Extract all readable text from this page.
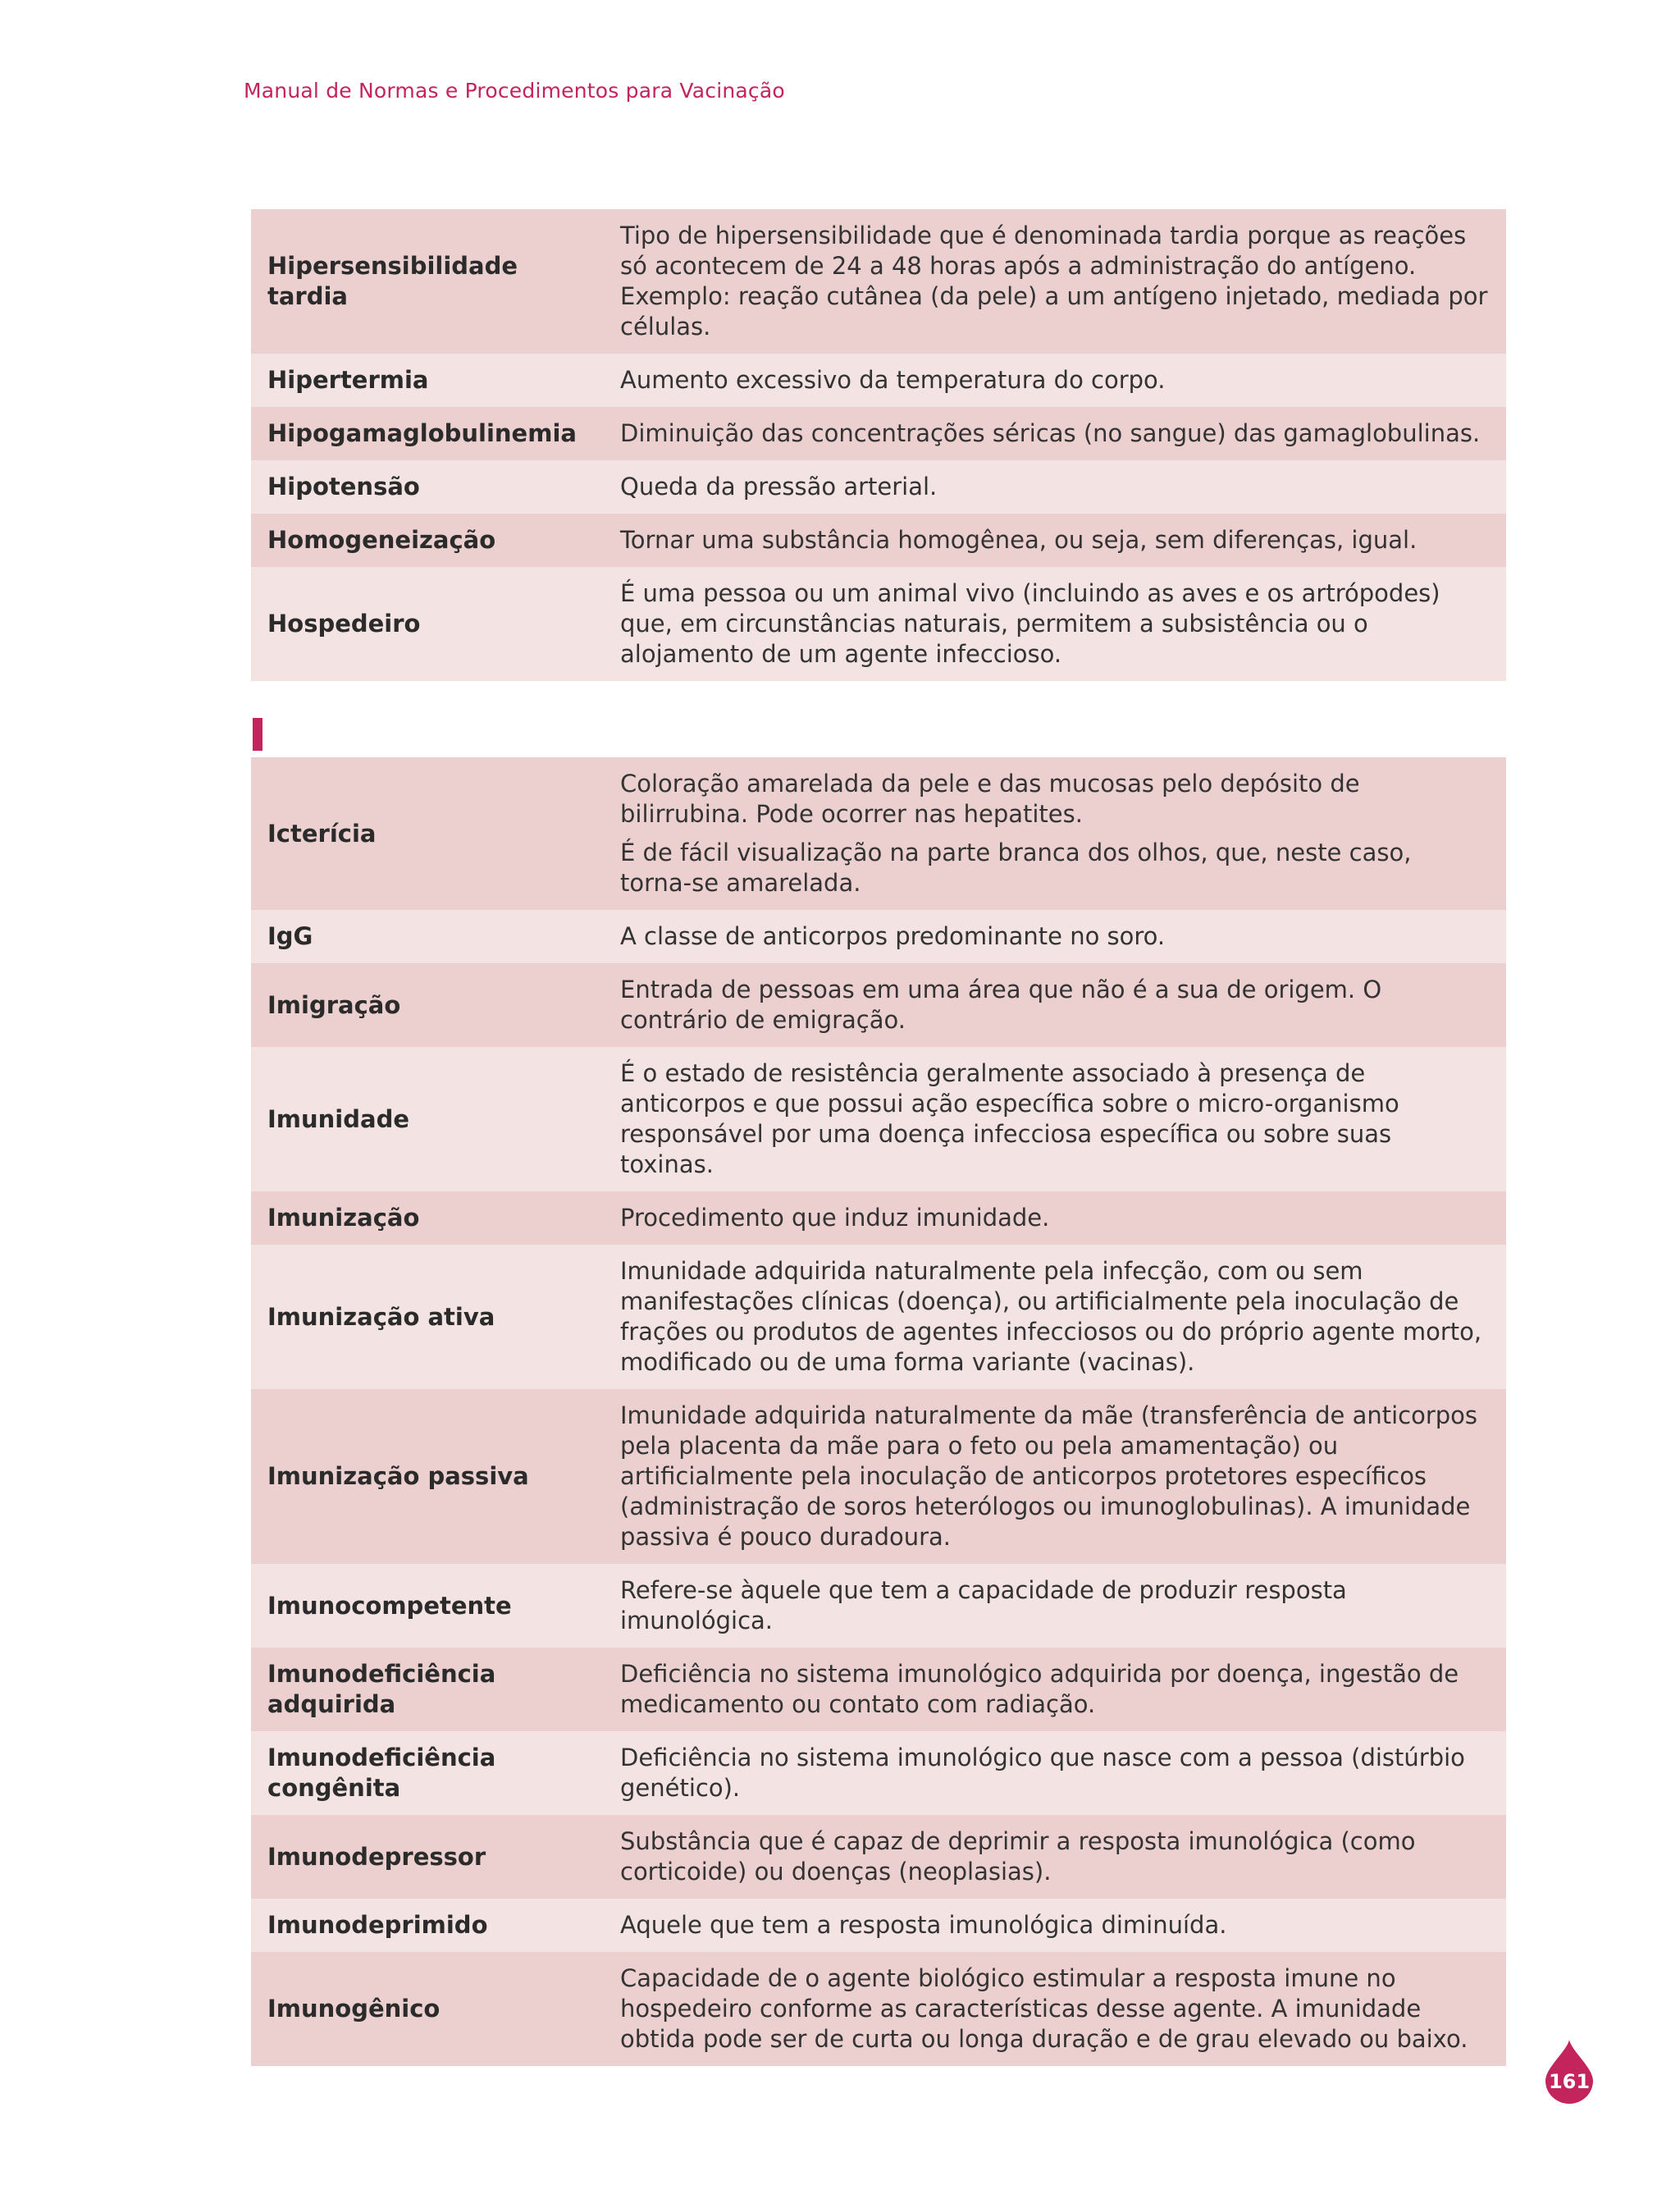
Manual de Normas e Procedimentos para Vacinação
Hipersensibilidade tardia	Tipo de hipersensibilidade que é denominada tardia porque as reações só acontecem de 24 a 48 horas após a administração do antígeno. Exemplo: reação cutânea (da pele) a um antígeno injetado, mediada por células.

Hipertermia	Aumento excessivo da temperatura do corpo.

Hipogamaglobulinemia	Diminuição das concentrações séricas (no sangue) das gamaglobulinas.

Hipotensão	Queda da pressão arterial.

Homogeneização	Tornar uma substância homogênea, ou seja, sem diferenças, igual.

Hospedeiro	É uma pessoa ou um animal vivo (incluindo as aves e os artrópodes) que, em circunstâncias naturais, permitem a subsistência ou o alojamento de um agente infeccioso.

Icterícia	Coloração amarelada da pele e das mucosas pelo depósito de bilirrubina. Pode ocorrer nas hepatites.

É de fácil visualização na parte branca dos olhos, que, neste caso, torna-se amarelada.

IgG	A classe de anticorpos predominante no soro.

Imigração	Entrada de pessoas em uma área que não é a sua de origem. O contrário de emigração.

Imunidade	É o estado de resistência geralmente associado à presença de anticorpos e que possui ação específica sobre o micro-organismo responsável por uma doença infecciosa específica ou sobre suas toxinas.

Imunização	Procedimento que induz imunidade.

Imunização ativa	Imunidade adquirida naturalmente pela infecção, com ou sem manifestações clínicas (doença), ou artificialmente pela inoculação de frações ou produtos de agentes infecciosos ou do próprio agente morto, modificado ou de uma forma variante (vacinas).

Imunização passiva	Imunidade adquirida naturalmente da mãe (transferência de anticorpos pela placenta da mãe para o feto ou pela amamentação) ou artificialmente pela inoculação de anticorpos protetores específicos (administração de soros heterólogos ou imunoglobulinas). A imunidade passiva é pouco duradoura.

Imunocompetente	Refere-se àquele que tem a capacidade de produzir resposta imunológica.

Imunodeficiência adquirida	Deficiência no sistema imunológico adquirida por doença, ingestão de medicamento ou contato com radiação.

Imunodeficiência congênita	Deficiência no sistema imunológico que nasce com a pessoa (distúrbio genético).

Imunodepressor	Substância que é capaz de deprimir a resposta imunológica (como corticoide) ou doenças (neoplasias).

Imunodeprimido	Aquele que tem a resposta imunológica diminuída.

Imunogênico	Capacidade de o agente biológico estimular a resposta imune no hospedeiro conforme as características desse agente. A imunidade obtida pode ser de curta ou longa duração e de grau elevado ou baixo.

161
